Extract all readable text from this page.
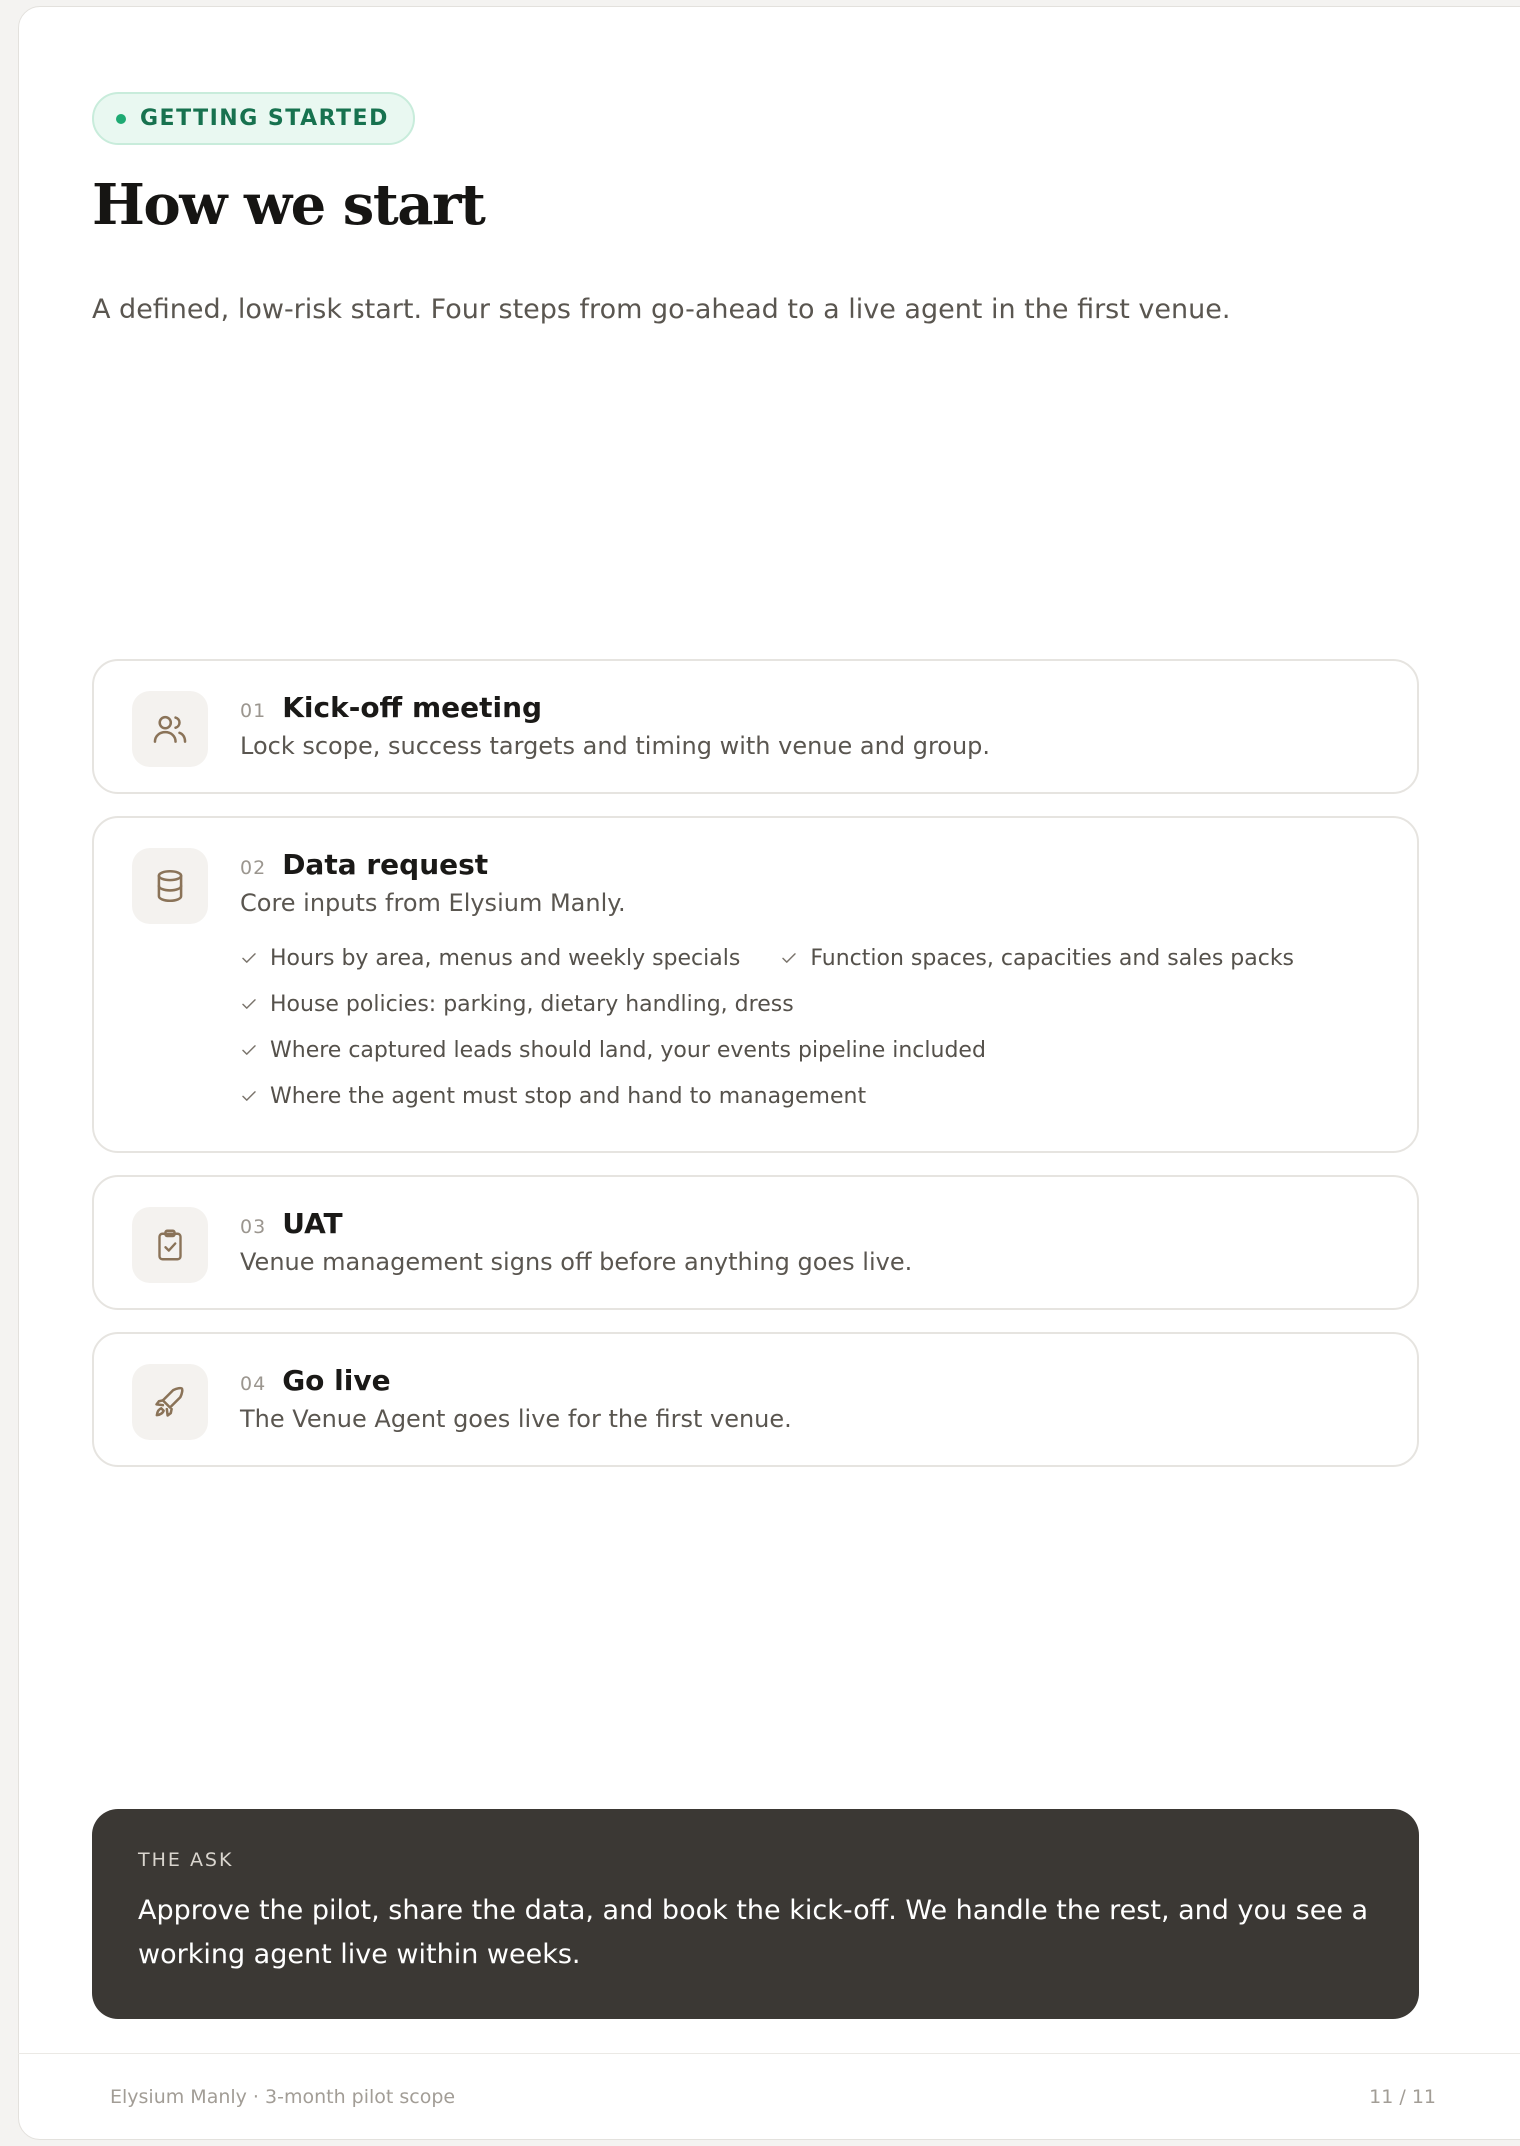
GETTING STARTED
How we start

A defined, low-risk start. Four steps from go-ahead to a live agent in the first venue.

01 Kick-off meeting
Lock scope, success targets and timing with venue and group.
02 Data request
Core inputs from Elysium Manly.
Hours by area, menus and weekly specials	Function spaces, capacities and sales packs
House policies: parking, dietary handling, dress
Where captured leads should land, your events pipeline included
Where the agent must stop and hand to management
03 UAT
Venue management signs off before anything goes live.
04 Go live
The Venue Agent goes live for the first venue.
THE ASK
Approve the pilot, share the data, and book the kick-off. We handle the rest, and you see a working agent live within weeks.
Elysium Manly · 3-month pilot scope	11 / 11
